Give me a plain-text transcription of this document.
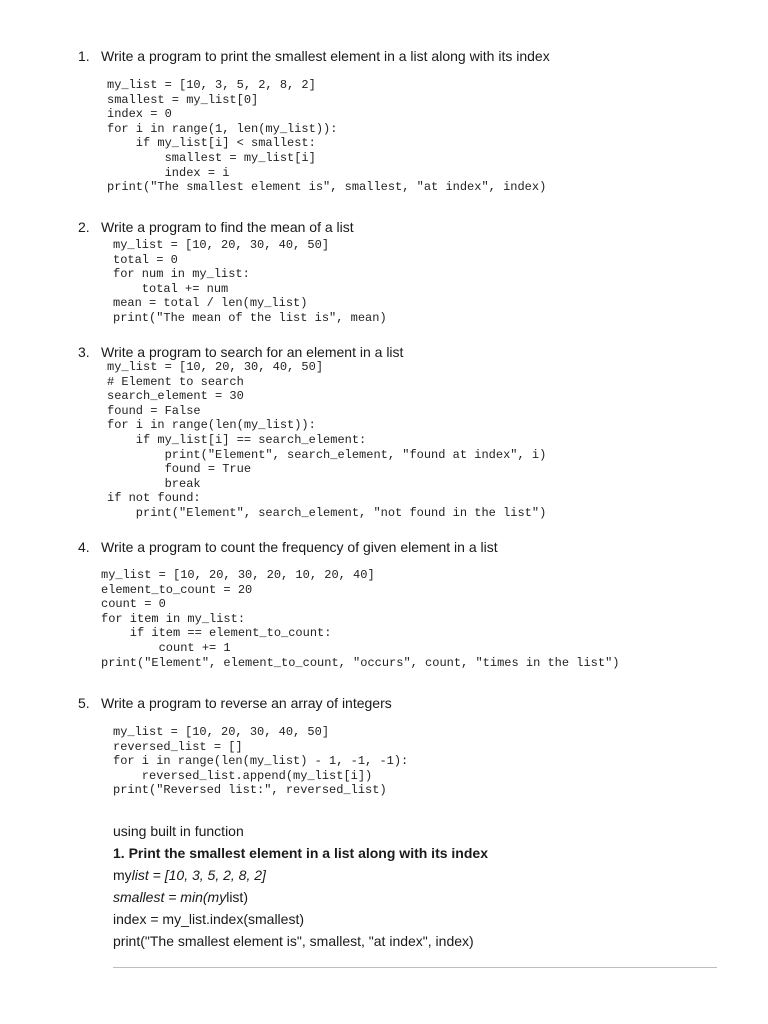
1. Write a program to print the smallest element in a list along with its index
my_list = [10, 3, 5, 2, 8, 2]
smallest = my_list[0]
index = 0
for i in range(1, len(my_list)):
if my_list[i] < smallest:
smallest = my_list[i]
index = i
print("The smallest element is", smallest, "at index", index)
2. Write a program to find the mean of a list
my_list = [10, 20, 30, 40, 50]
total = 0
for num in my_list:
total += num
mean = total / len(my_list)
print("The mean of the list is", mean)
3. Write a program to search for an element in a list
my_list = [10, 20, 30, 40, 50]
# Element to search
search_element = 30
found = False
for i in range(len(my_list)):
if my_list[i] == search_element:
print("Element", search_element, "found at index", i)
found = True
break
if not found:
print("Element", search_element, "not found in the list")
4. Write a program to count the frequency of given element in a list
my_list = [10, 20, 30, 20, 10, 20, 40]
element_to_count = 20
count = 0
for item in my_list:
if item == element_to_count:
count += 1
print("Element", element_to_count, "occurs", count, "times in the list")
5. Write a program to reverse an array of integers
my_list = [10, 20, 30, 40, 50]
reversed_list = []
for i in range(len(my_list) - 1, -1, -1):
reversed_list.append(my_list[i])
print("Reversed list:", reversed_list)
using built in function
1. Print the smallest element in a list along with its index
mylist = [10, 3, 5, 2, 8, 2]
smallest = min(mylist)
index = my_list.index(smallest)
print("The smallest element is", smallest, "at index", index)
